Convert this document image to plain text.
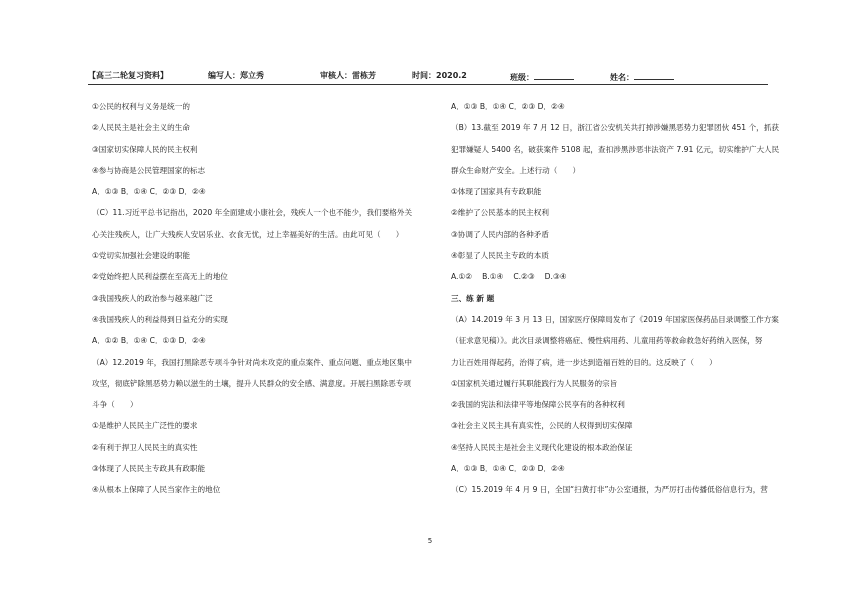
【高三二轮复习资料】	编写人：郑立秀	审核人：雷栋芳	时间：2020.2	班级：	姓名：
①公民的权利与义务是统一的
②人民民主是社会主义的生命
③国家切实保障人民的民主权利
④参与协商是公民管理国家的标志
A．①③ B．①④ C．②③ D．②④
（C）11.习近平总书记指出，2020 年全面建成小康社会，残疾人一个也不能少，我们要格外关
心关注残疾人，让广大残疾人安居乐业、衣食无忧，过上幸福美好的生活。由此可见（　　）
①党切实加强社会建设的职能
②党始终把人民利益摆在至高无上的地位
③我国残疾人的政治参与越来越广泛
④我国残疾人的利益得到日益充分的实现
A．①② B．①④ C．①③ D．②④
（A）12.2019 年，我国打黑除恶专项斗争针对尚未攻克的重点案件、重点问题、重点地区集中
攻坚，彻底铲除黑恶势力赖以滋生的土壤，提升人民群众的安全感、满意度。开展扫黑除恶专项
斗争（　　）
①是维护人民民主广泛性的要求
②有利于捍卫人民民主的真实性
③体现了人民民主专政具有政职能
④从根本上保障了人民当家作主的地位
A．①③ B．①④ C．②③ D．②④
（B）13.截至 2019 年 7 月 12 日，浙江省公安机关共打掉涉嫌黑恶势力犯罪团伙 451 个，抓获
犯罪嫌疑人 5400 名，破获案件 5108 起，查扣涉黑涉恶非法资产 7.91 亿元，切实维护广大人民
群众生命财产安全。上述行动（　　）
①体现了国家具有专政职能
②维护了公民基本的民主权利
③协调了人民内部的各种矛盾
④彰显了人民民主专政的本质
A.①②　 B.①④　 C.②③　 D.③④
三、练 新 题
（A）14.2019 年 3 月 13 日，国家医疗保障局发布了《2019 年国家医保药品目录调整工作方案
（征求意见稿）》。此次目录调整将癌症、慢性病用药、儿童用药等救命救急好药纳入医保，努
力让百姓用得起药，治得了病，进一步达到造福百姓的目的。这反映了（　　）
①国家机关通过履行其职能践行为人民服务的宗旨
②我国的宪法和法律平等地保障公民享有的各种权利
③社会主义民主具有真实性，公民的人权得到切实保障
④坚持人民民主是社会主义现代化建设的根本政治保证
A．①③ B．①④ C．②③ D．②④
（C）15.2019 年 4 月 9 日，全国“扫黄打非”办公室通报，为严厉打击传播低俗信息行为，营
5
